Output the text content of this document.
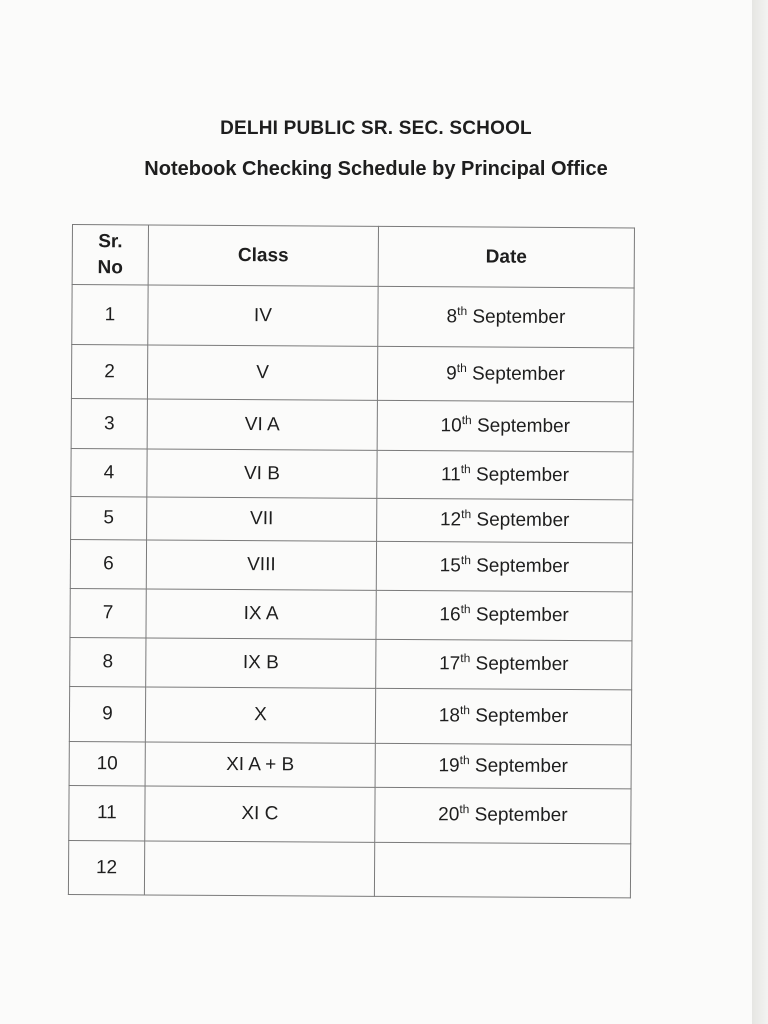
DELHI PUBLIC SR. SEC. SCHOOL
Notebook Checking Schedule by Principal Office
Sr.
No	Class	Date
1	IV	8th September
2	V	9th September
3	VI A	10th September
4	VI B	11th September
5	VII	12th September
6	VIII	15th September
7	IX A	16th September
8	IX B	17th September
9	X	18th September
10	XI A + B	19th September
11	XI C	20th September
12		
